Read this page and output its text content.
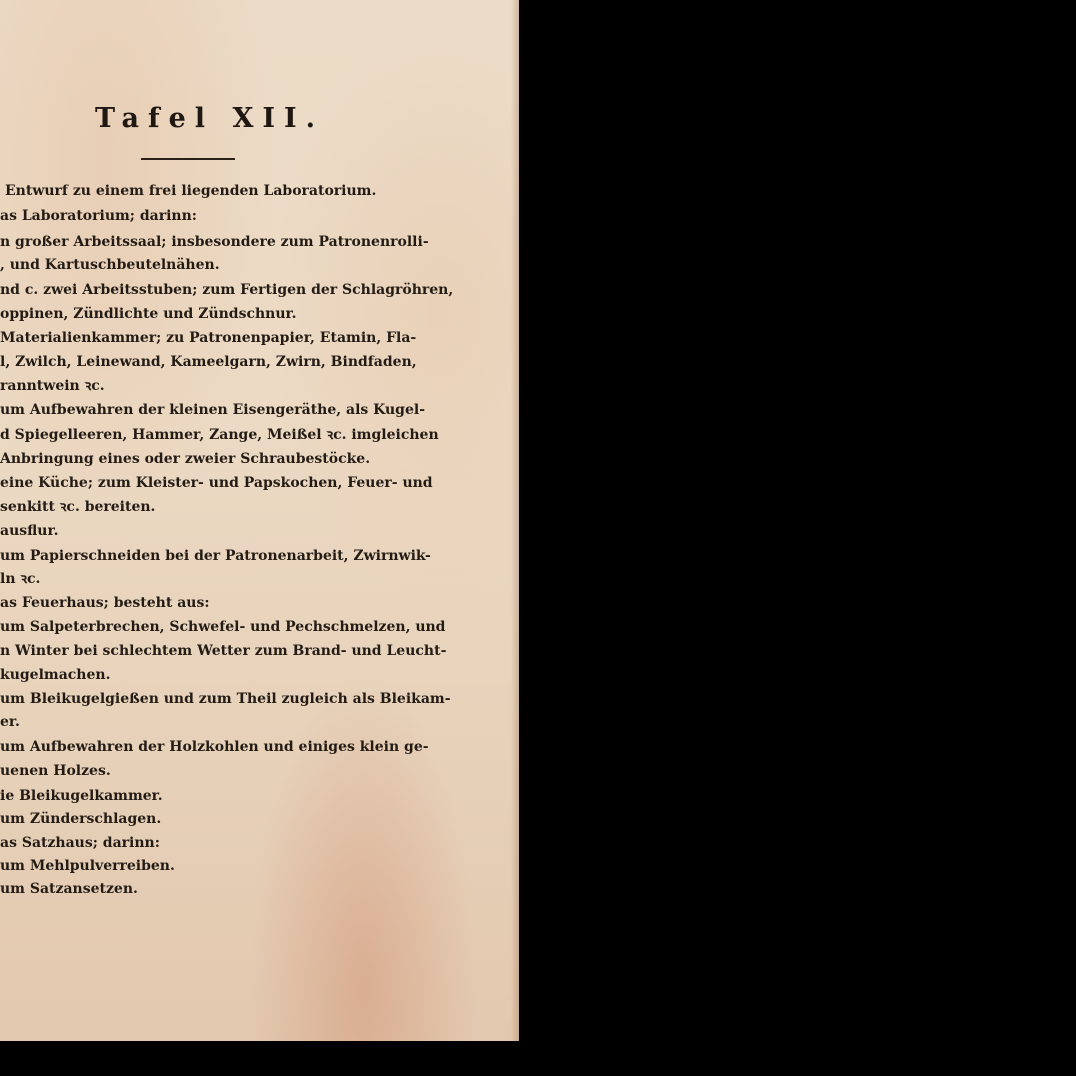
Tafel XII.
Entwurf zu einem frei liegenden Laboratorium.
as Laboratorium; darinn:
n großer Arbeitssaal; insbesondere zum Patronenrolli-
, und Kartuschbeutelnähen.
nd c. zwei Arbeitsstuben; zum Fertigen der Schlagröhren,
oppinen, Zündlichte und Zündschnur.
Materialienkammer; zu Patronenpapier, Etamin, Fla-
l, Zwilch, Leinewand, Kameelgarn, Zwirn, Bindfaden,
ranntwein ꝛc.
um Aufbewahren der kleinen Eisengeräthe, als Kugel-
d Spiegelleeren, Hammer, Zange, Meißel ꝛc. imgleichen
Anbringung eines oder zweier Schraubestöcke.
eine Küche; zum Kleister- und Papskochen, Feuer- und
senkitt ꝛc. bereiten.
ausflur.
um Papierschneiden bei der Patronenarbeit, Zwirnwik-
ln ꝛc.
as Feuerhaus; besteht aus:
um Salpeterbrechen, Schwefel- und Pechschmelzen, und
n Winter bei schlechtem Wetter zum Brand- und Leucht-
kugelmachen.
um Bleikugelgießen und zum Theil zugleich als Bleikam-
er.
um Aufbewahren der Holzkohlen und einiges klein ge-
uenen Holzes.
ie Bleikugelkammer.
um Zünderschlagen.
as Satzhaus; darinn:
um Mehlpulverreiben.
um Satzansetzen.
